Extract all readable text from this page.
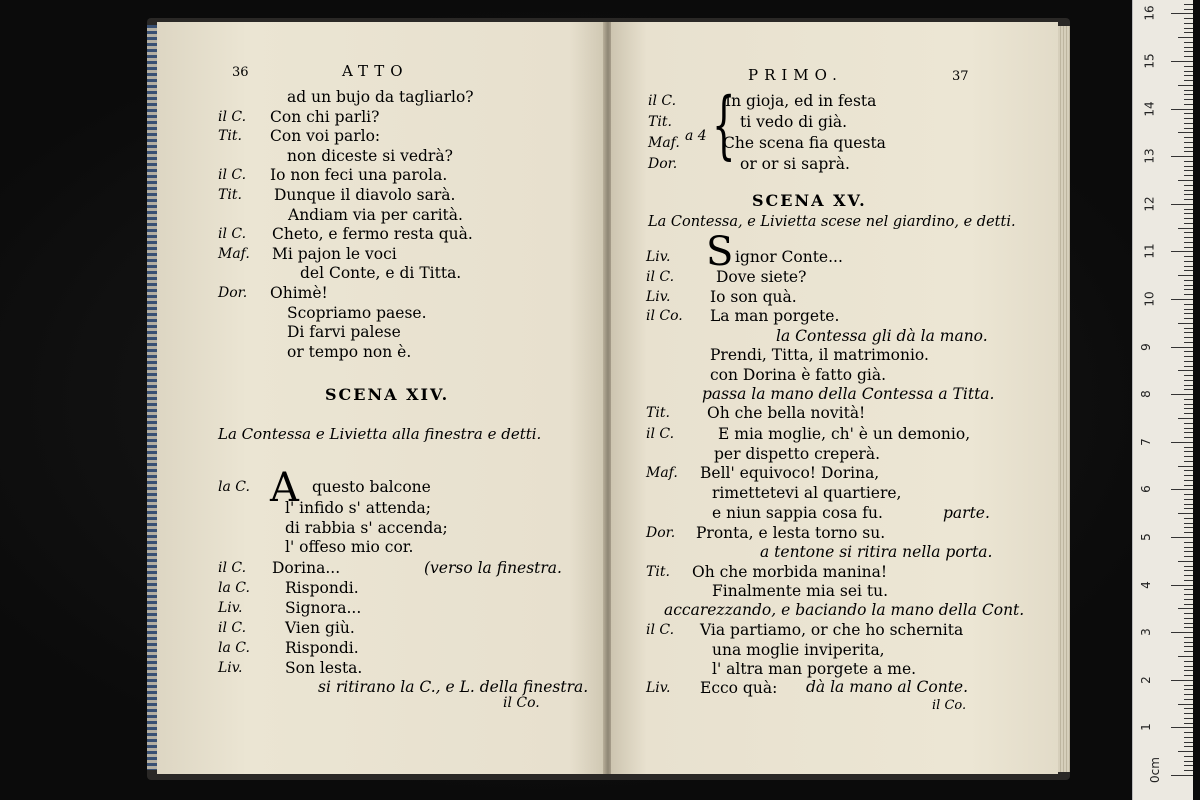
36	ATTO
ad un bujo da tagliarlo?
il C. Con chi parli?
Tit. Con voi parlo:
non diceste si vedrà?
il C. Io non feci una parola.
Tit. Dunque il diavolo sarà.
Andiam via per carità.
il C. Cheto, e fermo resta quà.
Maf. Mi pajon le voci
del Conte, e di Titta.
Dor. Ohimè!
Scopriamo paese.
Di farvi palese
or tempo non è.
SCENA XIV.
La Contessa e Livietta alla finestra e detti.
A
la C.	questo balcone
l' infido s' attenda;
di rabbia s' accenda;
l' offeso mio cor.
il C. Dorina...
la C. Rispondi.
Liv.	Signora...
il C.	Vien giù.
la C. Rispondi.
Liv.	Son lesta.
(verso la finestra.
si ritirano la C., e L. della finestra.
il Co.
PRIMO.	37
il C.
Tit.
Maf.
Dor.
In gioja, ed in festa
ti vedo di già.
Che scena fia questa
or or si saprà.
a 4 {
SCENA XV.
La Contessa, e Livietta scese nel giardino, e detti.
S
Liv.	ignor Conte...
il C.	Dove siete?
Liv.	Io son quà.
il Co. La man porgete.
la Contessa gli dà la mano.
Prendi, Titta, il matrimonio.
con Dorina è fatto già.
passa la mano della Contessa a Titta.
Tit. Oh che bella novità!
il C.	E mia moglie, ch' è un demonio,
per dispetto creperà.
Maf. Bell' equivoco! Dorina,
rimettetevi al quartiere,
e niun sappia cosa fu.
Dor. Pronta, e lesta torno su.
a tentone si ritira nella porta.
Tit. Oh che morbida manina!
Finalmente mia sei tu.
accarezzando, e baciando la mano della Cont.
il C. Via partiamo, or che ho schernita
una moglie inviperita,
l' altra man porgete a me.
Liv. Ecco quà:
parte.
dà la mano al Conte.
il Co.
1
2
3
4
5
6
7
8
9
10
11
12
13
14
15
16
0cm
